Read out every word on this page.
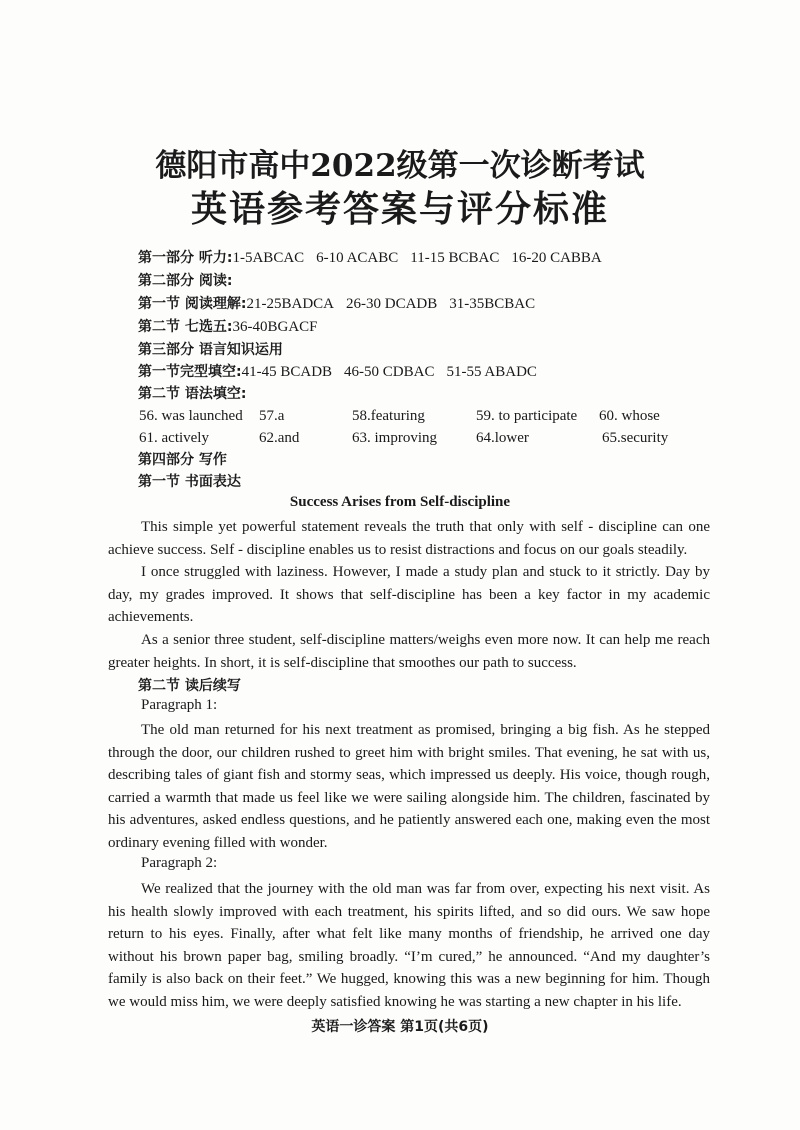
德阳市高中2022级第一次诊断考试
英语参考答案与评分标准
第一部分 听力:1-5ABCAC 6-10 ACABC 11-15 BCBAC 16-20 CABBA
第二部分 阅读:
第一节 阅读理解:21-25BADCA 26-30 DCADB 31-35BCBAC
第二节 七选五:36-40BGACF
第三部分 语言知识运用
第一节完型填空:41-45 BCADB 46-50 CDBAC 51-55 ABADC
第二节 语法填空:
56. was launched 57.a	58.featuring	59. to participate 60. whose
61. actively	62.and	63. improving	64.lower	65.security
第四部分 写作
第一节 书面表达
Success Arises from Self-discipline

This simple yet powerful statement reveals the truth that only with self - discipline can one achieve success. Self - discipline enables us to resist distractions and focus on our goals steadily.

I once struggled with laziness. However, I made a study plan and stuck to it strictly. Day by day, my grades improved. It shows that self-discipline has been a key factor in my academic achievements.

As a senior three student, self-discipline matters/weighs even more now. It can help me reach greater heights. In short, it is self-discipline that smoothes our path to success.

第二节 读后续写
Paragraph 1:

The old man returned for his next treatment as promised, bringing a big fish. As he stepped through the door, our children rushed to greet him with bright smiles. That evening, he sat with us, describing tales of giant fish and stormy seas, which impressed us deeply. His voice, though rough, carried a warmth that made us feel like we were sailing alongside him. The children, fascinated by his adventures, asked endless questions, and he patiently answered each one, making even the most ordinary evening filled with wonder.

Paragraph 2:

We realized that the journey with the old man was far from over, expecting his next visit. As his health slowly improved with each treatment, his spirits lifted, and so did ours. We saw hope return to his eyes. Finally, after what felt like many months of friendship, he arrived one day without his brown paper bag, smiling broadly. “I’m cured,” he announced. “And my daughter’s family is also back on their feet.” We hugged, knowing this was a new beginning for him. Though we would miss him, we were deeply satisfied knowing he was starting a new chapter in his life.

英语一诊答案 第1页(共6页)
